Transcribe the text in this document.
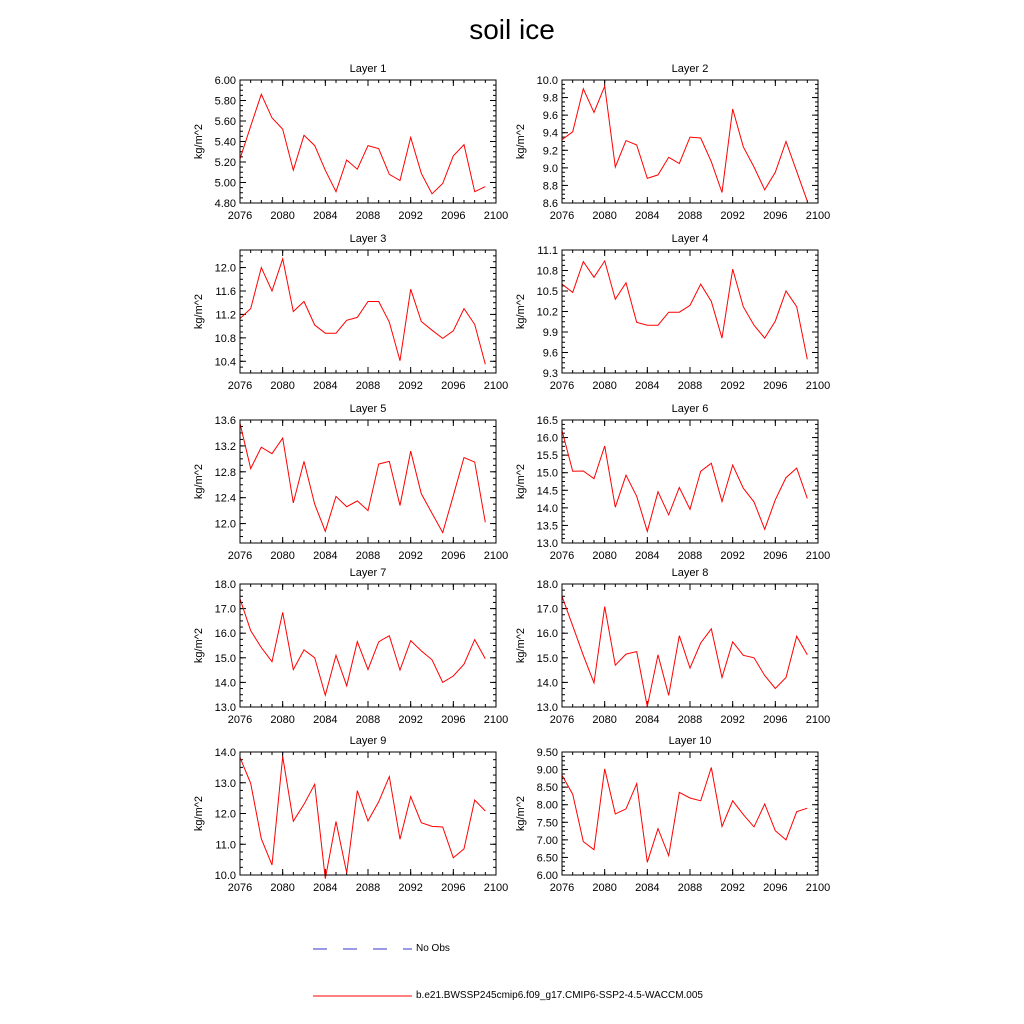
soil ice
Layer 1
2076 2080 2084 2088 2092 2096 2100
4.80
5.00
5.20
5.40
5.60
5.80
6.00
kg/m^2
Layer 2
2076 2080 2084 2088 2092 2096 2100
8.6
8.8
9.0
9.2
9.4
9.6
9.8
10.0
kg/m^2
Layer 3
2076 2080 2084 2088 2092 2096 2100
10.4
10.8
11.2
11.6
12.0
kg/m^2
Layer 4
2076 2080 2084 2088 2092 2096 2100
9.3
9.6
9.9
10.2
10.5
10.8
11.1
kg/m^2
Layer 5
2076 2080 2084 2088 2092 2096 2100
12.0
12.4
12.8
13.2
13.6
kg/m^2
Layer 6
2076 2080 2084 2088 2092 2096 2100
13.0
13.5
14.0
14.5
15.0
15.5
16.0
16.5
kg/m^2
Layer 7
2076 2080 2084 2088 2092 2096 2100
13.0
14.0
15.0
16.0
17.0
18.0
kg/m^2
Layer 8
2076 2080 2084 2088 2092 2096 2100
13.0
14.0
15.0
16.0
17.0
18.0
kg/m^2
Layer 9
2076 2080 2084 2088 2092 2096 2100
10.0
11.0
12.0
13.0
14.0
kg/m^2
Layer 10
2076 2080 2084 2088 2092 2096 2100
6.00
6.50
7.00
7.50
8.00
8.50
9.00
9.50
kg/m^2
No Obs
b.e21.BWSSP245cmip6.f09_g17.CMIP6-SSP2-4.5-WACCM.005
